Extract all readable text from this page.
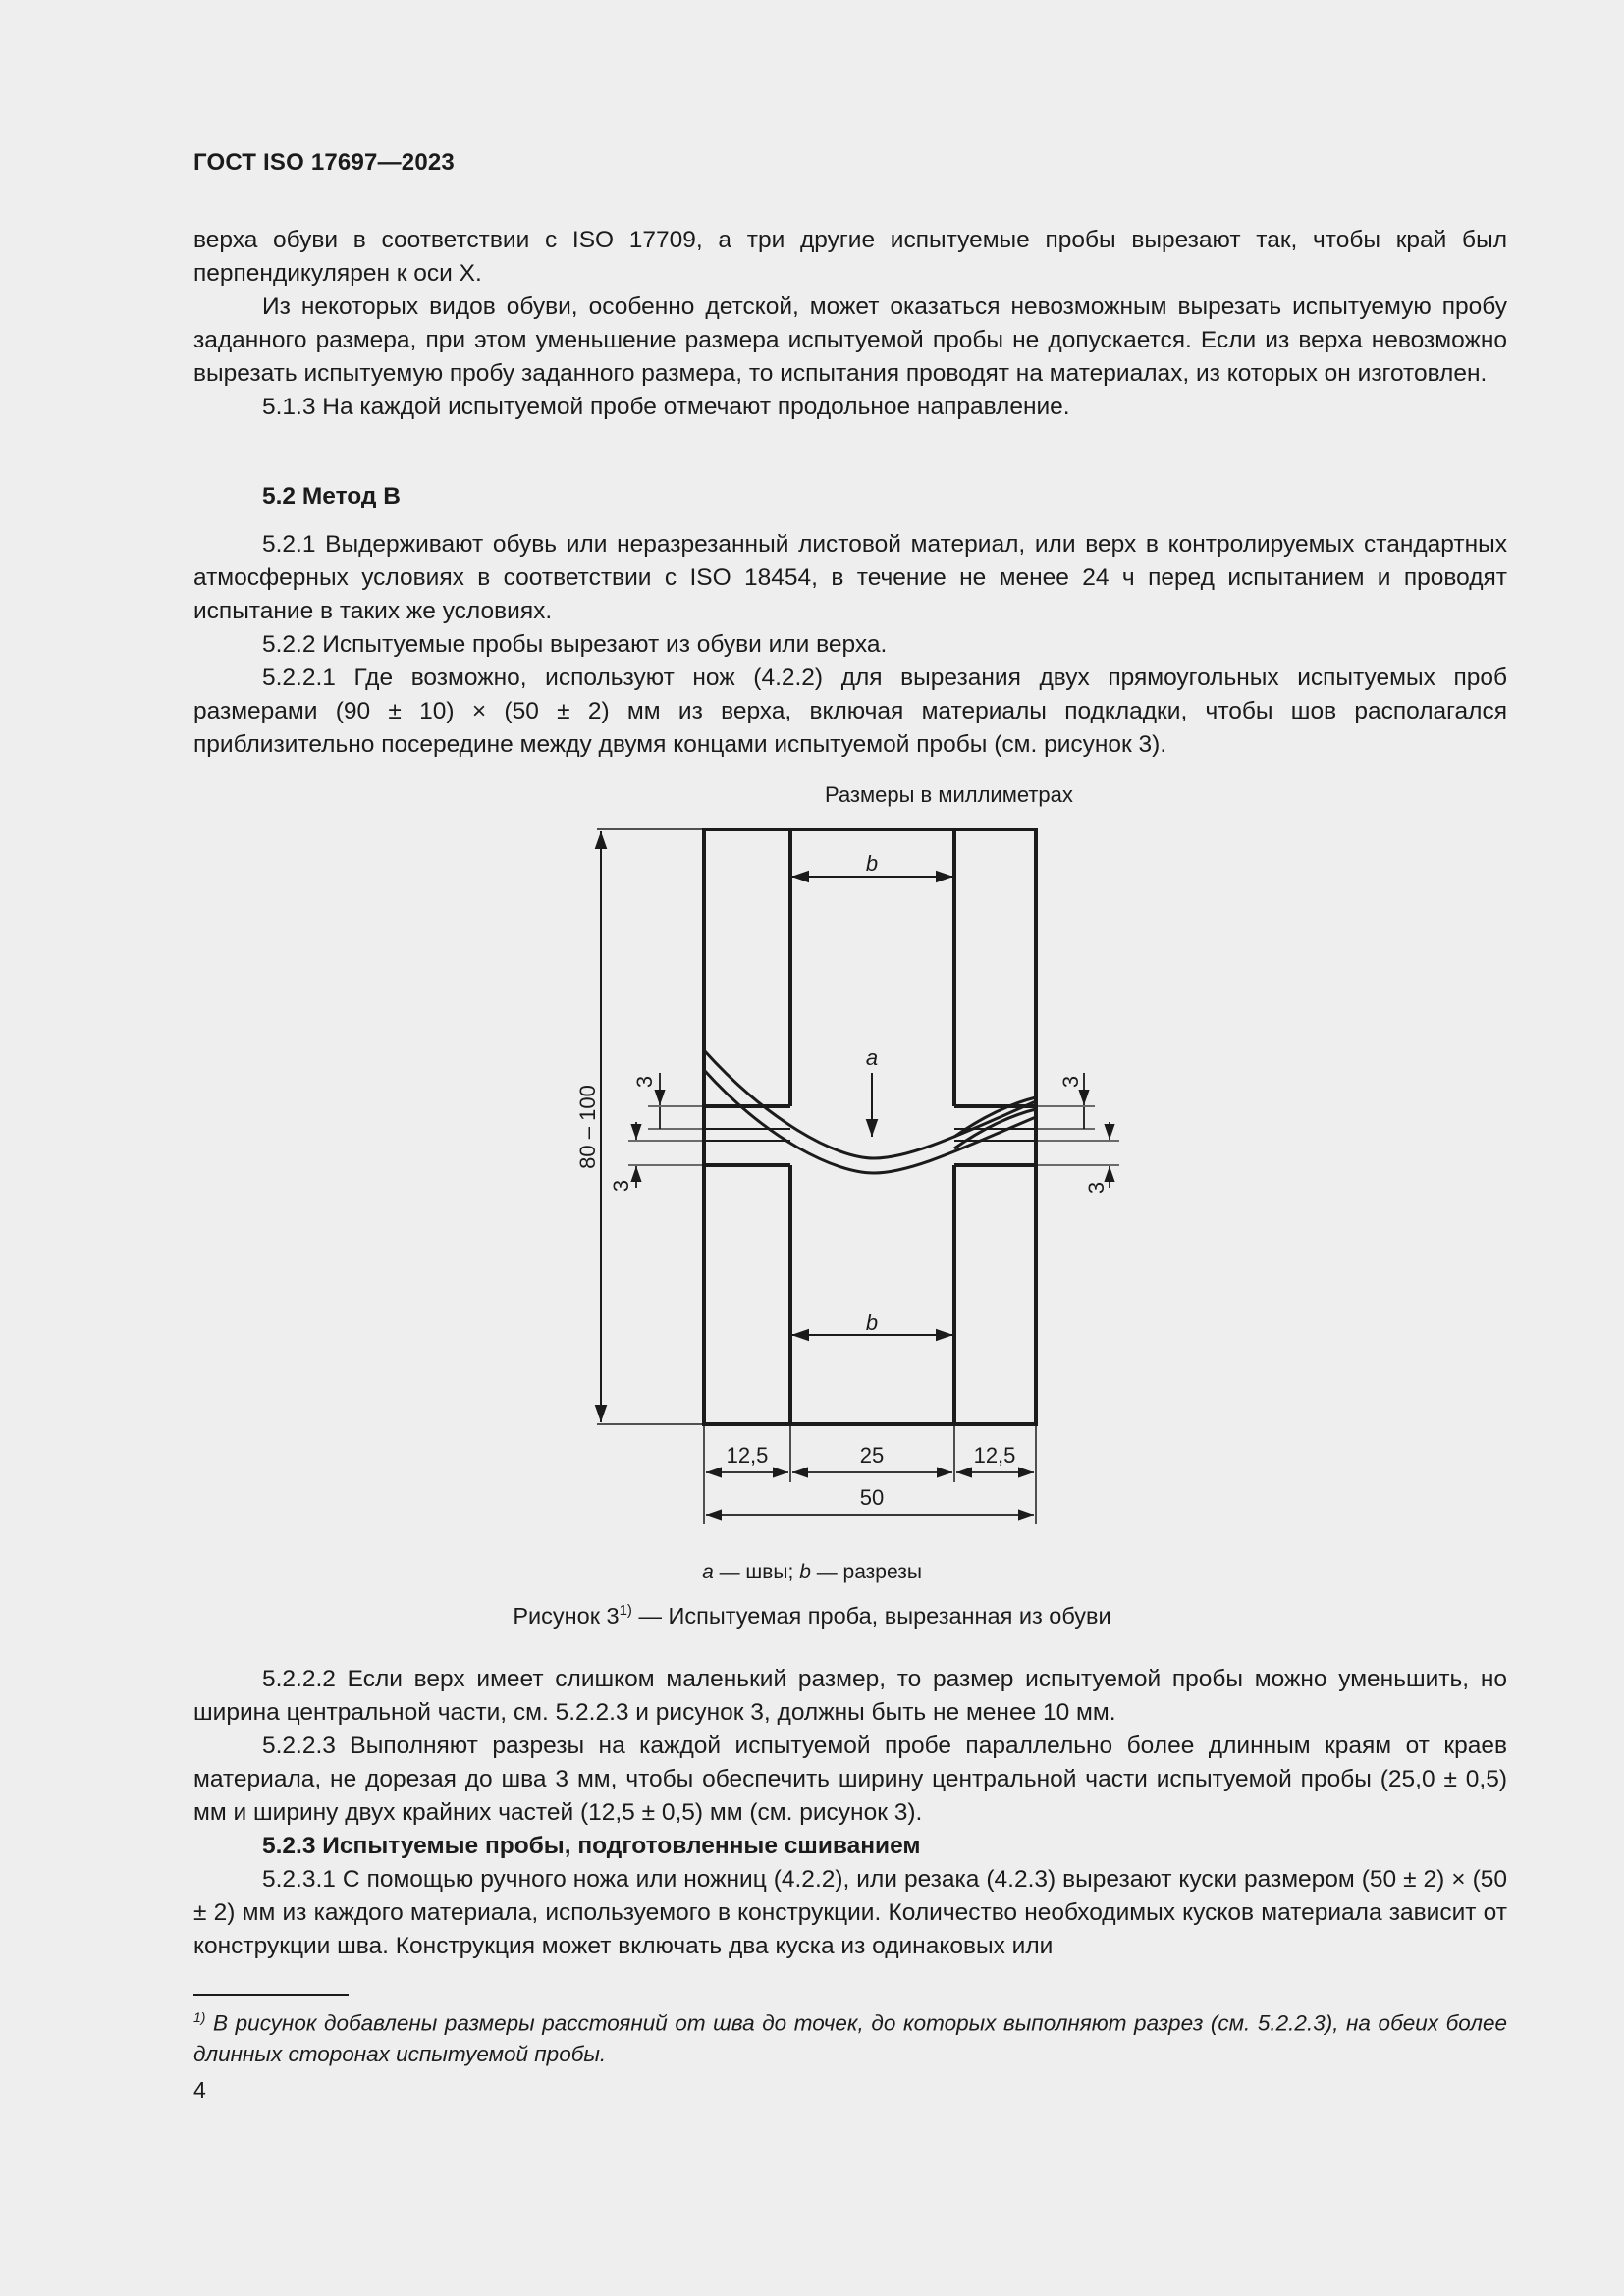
ГОСТ ISO 17697—2023

верха обуви в соответствии с ISO 17709, а три другие испытуемые пробы вырезают так, чтобы край был перпендикулярен к оси X.

Из некоторых видов обуви, особенно детской, может оказаться невозможным вырезать испытуемую пробу заданного размера, при этом уменьшение размера испытуемой пробы не допускается. Если из верха невозможно вырезать испытуемую пробу заданного размера, то испытания проводят на материалах, из которых он изготовлен.

5.1.3 На каждой испытуемой пробе отмечают продольное направление.

5.2 Метод B

5.2.1 Выдерживают обувь или неразрезанный листовой материал, или верх в контролируемых стандартных атмосферных условиях в соответствии с ISO 18454, в течение не менее 24 ч перед испытанием и проводят испытание в таких же условиях.

5.2.2 Испытуемые пробы вырезают из обуви или верха.

5.2.2.1 Где возможно, используют нож (4.2.2) для вырезания двух прямоугольных испытуемых проб размерами (90 ± 10) × (50 ± 2) мм из верха, включая материалы подкладки, чтобы шов располагался приблизительно посередине между двумя концами испытуемой пробы (см. рисунок 3).

Размеры в миллиметрах
b
b
a
80 – 100
3
3
3
3
12,5	25	12,5
50
a — швы; b — разрезы
Рисунок 3$^{1)}$ — Испытуемая проба, вырезанная из обуви

5.2.2.2 Если верх имеет слишком маленький размер, то размер испытуемой пробы можно уменьшить, но ширина центральной части, см. 5.2.2.3 и рисунок 3, должны быть не менее 10 мм.

5.2.2.3 Выполняют разрезы на каждой испытуемой пробе параллельно более длинным краям от краев материала, не дорезая до шва 3 мм, чтобы обеспечить ширину центральной части испытуемой пробы (25,0 ± 0,5) мм и ширину двух крайних частей (12,5 ± 0,5) мм (см. рисунок 3).

5.2.3 Испытуемые пробы, подготовленные сшиванием

5.2.3.1 С помощью ручного ножа или ножниц (4.2.2), или резака (4.2.3) вырезают куски размером (50 ± 2) × (50 ± 2) мм из каждого материала, используемого в конструкции. Количество необходимых кусков материала зависит от конструкции шва. Конструкция может включать два куска из одинаковых или

$^{1)}$ В рисунок добавлены размеры расстояний от шва до точек, до которых выполняют разрез (см. 5.2.2.3), на обеих более длинных сторонах испытуемой пробы.
4
